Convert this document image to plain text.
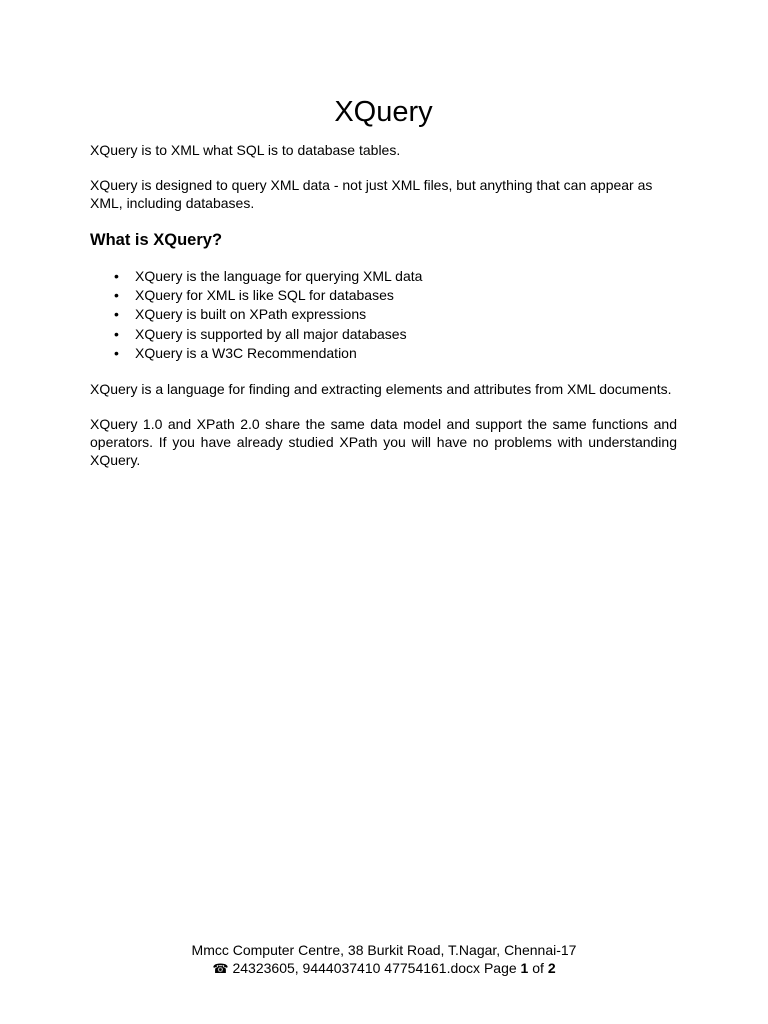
XQuery

XQuery is to XML what SQL is to database tables.

XQuery is designed to query XML data - not just XML files, but anything that can appear as XML, including databases.

What is XQuery?
• XQuery is the language for querying XML data
• XQuery for XML is like SQL for databases
• XQuery is built on XPath expressions
• XQuery is supported by all major databases
• XQuery is a W3C Recommendation

XQuery is a language for finding and extracting elements and attributes from XML documents.

XQuery 1.0 and XPath 2.0 share the same data model and support the same functions and operators. If you have already studied XPath you will have no problems with understanding XQuery.

Mmcc Computer Centre, 38 Burkit Road, T.Nagar, Chennai-17
☎ 24323605, 9444037410 47754161.docx Page 1 of 2
